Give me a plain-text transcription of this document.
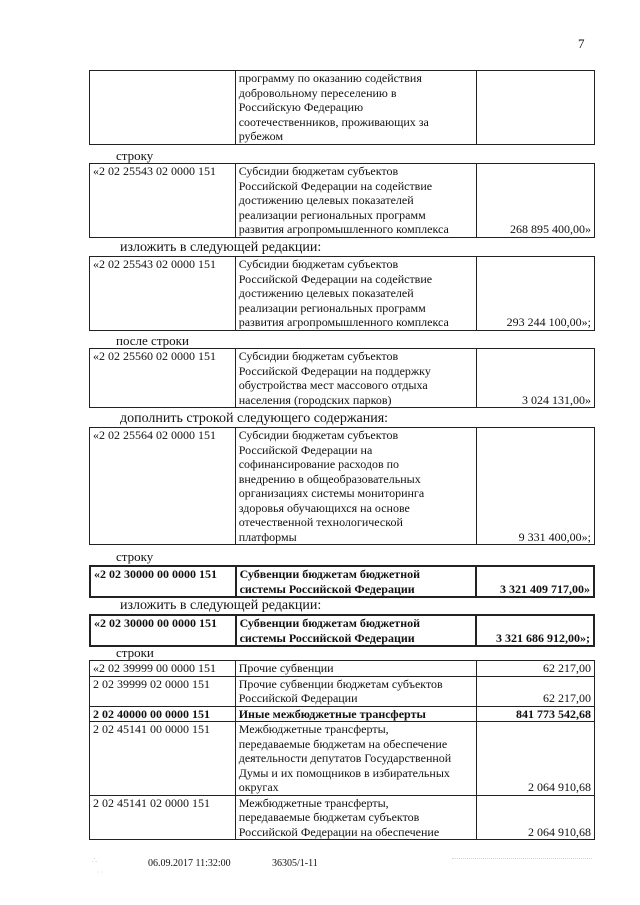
7
	программу по оказанию содействия
добровольному переселению в
Российскую Федерацию
соотечественников, проживающих за
рубежом	
строку
«2 02 25543 02 0000 151	Субсидии бюджетам субъектов
Российской Федерации на содействие
достижению целевых показателей
реализации региональных программ
развития агропромышленного комплекса	268 895 400,00»
изложить в следующей редакции:
«2 02 25543 02 0000 151	Субсидии бюджетам субъектов
Российской Федерации на содействие
достижению целевых показателей
реализации региональных программ
развития агропромышленного комплекса	293 244 100,00»;
после строки
«2 02 25560 02 0000 151	Субсидии бюджетам субъектов
Российской Федерации на поддержку
обустройства мест массового отдыха
населения (городских парков)	3 024 131,00»
дополнить строкой следующего содержания:
«2 02 25564 02 0000 151	Субсидии бюджетам субъектов
Российской Федерации на
софинансирование расходов по
внедрению в общеобразовательных
организациях системы мониторинга
здоровья обучающихся на основе
отечественной технологической
платформы	9 331 400,00»;
строку
«2 02 30000 00 0000 151	Субвенции бюджетам бюджетной
системы Российской Федерации	3 321 409 717,00»
изложить в следующей редакции:
«2 02 30000 00 0000 151	Субвенции бюджетам бюджетной
системы Российской Федерации	3 321 686 912,00»;
строки
«2 02 39999 00 0000 151	Прочие субвенции	62 217,00
2 02 39999 02 0000 151	Прочие субвенции бюджетам субъектов
Российской Федерации	62 217,00
2 02 40000 00 0000 151	Иные межбюджетные трансферты	841 773 542,68
2 02 45141 00 0000 151	Межбюджетные трансферты,
передаваемые бюджетам на обеспечение
деятельности депутатов Государственной
Думы и их помощников в избирательных
округах	2 064 910,68
2 02 45141 02 0000 151	Межбюджетные трансферты,
передаваемые бюджетам субъектов
Российской Федерации на обеспечение	2 064 910,68
∴
· ·
06.09.2017 11:32:00	36305/1-11
